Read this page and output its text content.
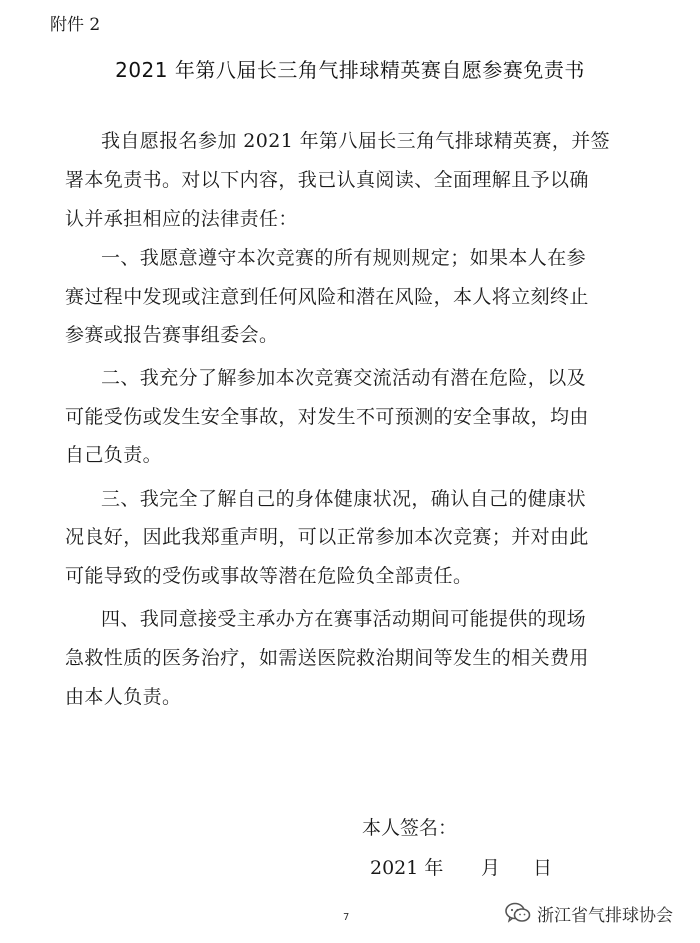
附件 2
2021 年第八届长三角气排球精英赛自愿参赛免责书
我自愿报名参加 2021 年第八届长三角气排球精英赛，并签
署本免责书。对以下内容，我已认真阅读、全面理解且予以确
认并承担相应的法律责任：
一、我愿意遵守本次竞赛的所有规则规定；如果本人在参
赛过程中发现或注意到任何风险和潜在风险，本人将立刻终止
参赛或报告赛事组委会。
二、我充分了解参加本次竞赛交流活动有潜在危险，以及
可能受伤或发生安全事故，对发生不可预测的安全事故，均由
自己负责。
三、我完全了解自己的身体健康状况，确认自己的健康状
况良好，因此我郑重声明，可以正常参加本次竞赛；并对由此
可能导致的受伤或事故等潜在危险负全部责任。
四、我同意接受主承办方在赛事活动期间可能提供的现场
急救性质的医务治疗，如需送医院救治期间等发生的相关费用
由本人负责。
本人签名：
2021 年 月 日
7	浙江省气排球协会
